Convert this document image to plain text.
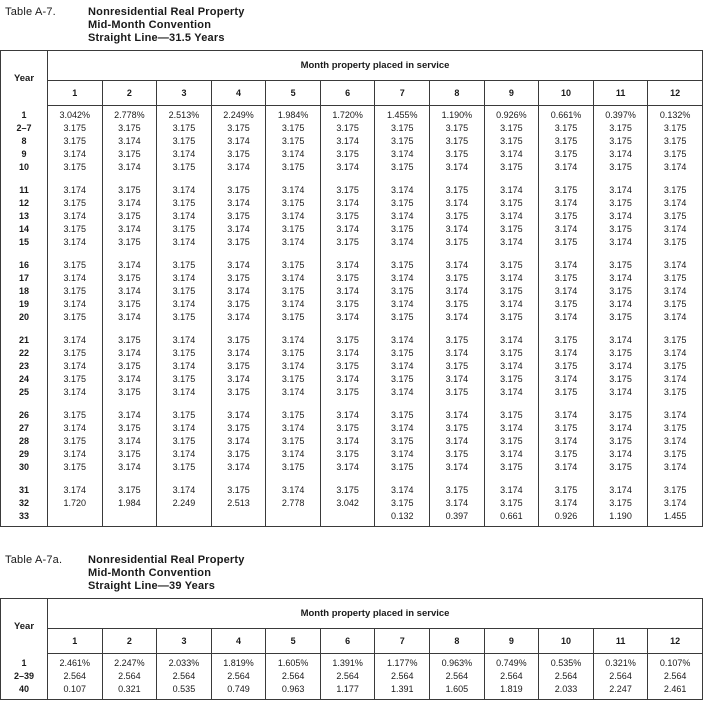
Table A-7.	Nonresidential Real Property
Mid-Month Convention
Straight Line—31.5 Years
Year	Month property placed in service											
	1	2	3	4	5	6	7	8	9	10	11	12
1	3.042%	2.778%	2.513%	2.249%	1.984%	1.720%	1.455%	1.190%	0.926%	0.661%	0.397%	0.132%
2–7	3.175	3.175	3.175	3.175	3.175	3.175	3.175	3.175	3.175	3.175	3.175	3.175
8	3.175	3.174	3.175	3.174	3.175	3.174	3.175	3.175	3.175	3.175	3.175	3.175
9	3.174	3.175	3.174	3.175	3.174	3.175	3.174	3.175	3.174	3.175	3.174	3.175
10	3.175	3.174	3.175	3.174	3.175	3.174	3.175	3.174	3.175	3.174	3.175	3.174

11	3.174	3.175	3.174	3.175	3.174	3.175	3.174	3.175	3.174	3.175	3.174	3.175
12	3.175	3.174	3.175	3.174	3.175	3.174	3.175	3.174	3.175	3.174	3.175	3.174
13	3.174	3.175	3.174	3.175	3.174	3.175	3.174	3.175	3.174	3.175	3.174	3.175
14	3.175	3.174	3.175	3.174	3.175	3.174	3.175	3.174	3.175	3.174	3.175	3.174
15	3.174	3.175	3.174	3.175	3.174	3.175	3.174	3.175	3.174	3.175	3.174	3.175

16	3.175	3.174	3.175	3.174	3.175	3.174	3.175	3.174	3.175	3.174	3.175	3.174
17	3.174	3.175	3.174	3.175	3.174	3.175	3.174	3.175	3.174	3.175	3.174	3.175
18	3.175	3.174	3.175	3.174	3.175	3.174	3.175	3.174	3.175	3.174	3.175	3.174
19	3.174	3.175	3.174	3.175	3.174	3.175	3.174	3.175	3.174	3.175	3.174	3.175
20	3.175	3.174	3.175	3.174	3.175	3.174	3.175	3.174	3.175	3.174	3.175	3.174

21	3.174	3.175	3.174	3.175	3.174	3.175	3.174	3.175	3.174	3.175	3.174	3.175
22	3.175	3.174	3.175	3.174	3.175	3.174	3.175	3.174	3.175	3.174	3.175	3.174
23	3.174	3.175	3.174	3.175	3.174	3.175	3.174	3.175	3.174	3.175	3.174	3.175
24	3.175	3.174	3.175	3.174	3.175	3.174	3.175	3.174	3.175	3.174	3.175	3.174
25	3.174	3.175	3.174	3.175	3.174	3.175	3.174	3.175	3.174	3.175	3.174	3.175

26	3.175	3.174	3.175	3.174	3.175	3.174	3.175	3.174	3.175	3.174	3.175	3.174
27	3.174	3.175	3.174	3.175	3.174	3.175	3.174	3.175	3.174	3.175	3.174	3.175
28	3.175	3.174	3.175	3.174	3.175	3.174	3.175	3.174	3.175	3.174	3.175	3.174
29	3.174	3.175	3.174	3.175	3.174	3.175	3.174	3.175	3.174	3.175	3.174	3.175
30	3.175	3.174	3.175	3.174	3.175	3.174	3.175	3.174	3.175	3.174	3.175	3.174

31	3.174	3.175	3.174	3.175	3.174	3.175	3.174	3.175	3.174	3.175	3.174	3.175
32	1.720	1.984	2.249	2.513	2.778	3.042	3.175	3.174	3.175	3.174	3.175	3.174
33							0.132	0.397	0.661	0.926	1.190	1.455
Table A-7a.	Nonresidential Real Property
Mid-Month Convention
Straight Line—39 Years
Year	Month property placed in service											
	1	2	3	4	5	6	7	8	9	10	11	12
1	2.461%	2.247%	2.033%	1.819%	1.605%	1.391%	1.177%	0.963%	0.749%	0.535%	0.321%	0.107%
2–39	2.564	2.564	2.564	2.564	2.564	2.564	2.564	2.564	2.564	2.564	2.564	2.564
40	0.107	0.321	0.535	0.749	0.963	1.177	1.391	1.605	1.819	2.033	2.247	2.461
